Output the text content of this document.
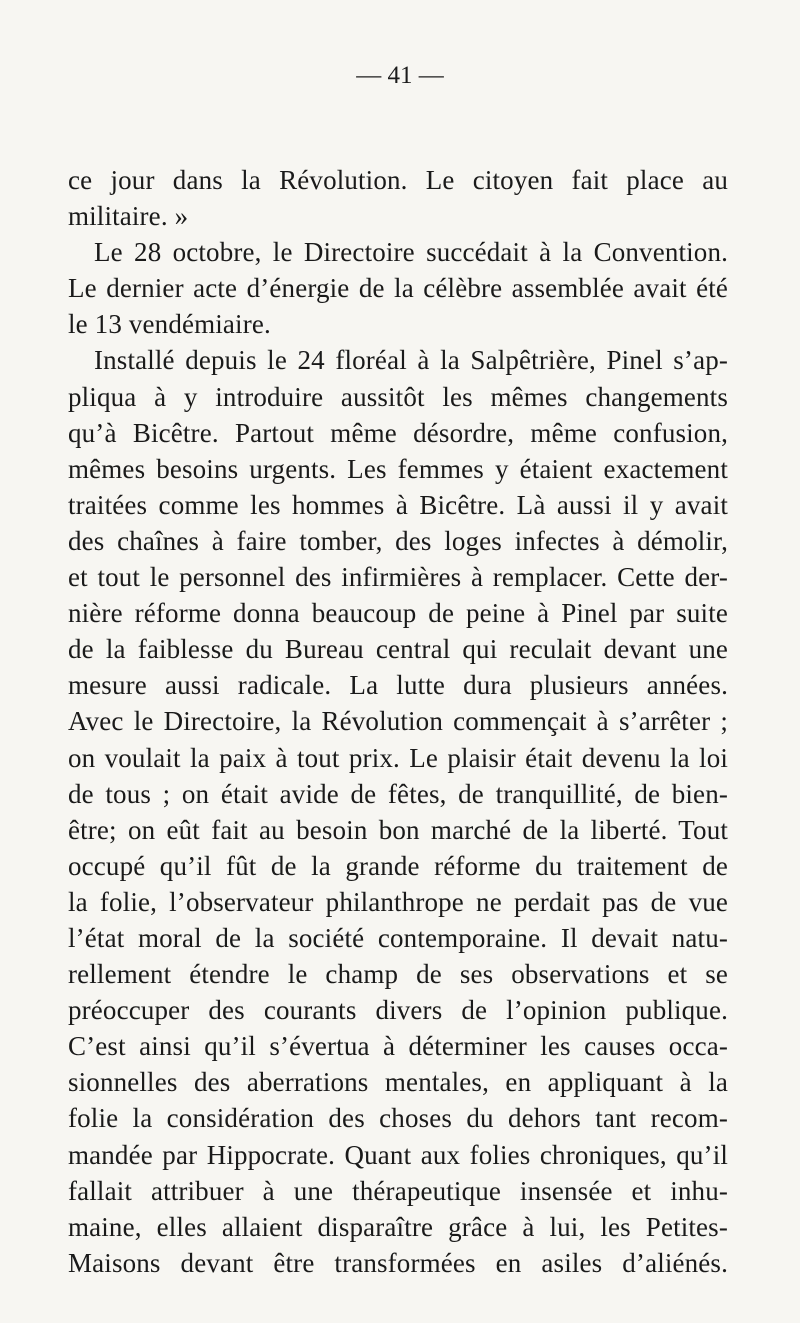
— 41 —
ce jour dans la Révolution. Le citoyen fait place au
militaire. »
Le 28 octobre, le Directoire succédait à la Convention.
Le dernier acte d’énergie de la célèbre assemblée avait été
le 13 vendémiaire.
Installé depuis le 24 floréal à la Salpêtrière, Pinel s’ap-
pliqua à y introduire aussitôt les mêmes changements
qu’à Bicêtre. Partout même désordre, même confusion,
mêmes besoins urgents. Les femmes y étaient exactement
traitées comme les hommes à Bicêtre. Là aussi il y avait
des chaînes à faire tomber, des loges infectes à démolir,
et tout le personnel des infirmières à remplacer. Cette der-
nière réforme donna beaucoup de peine à Pinel par suite
de la faiblesse du Bureau central qui reculait devant une
mesure aussi radicale. La lutte dura plusieurs années.
Avec le Directoire, la Révolution commençait à s’arrêter ;
on voulait la paix à tout prix. Le plaisir était devenu la loi
de tous ; on était avide de fêtes, de tranquillité, de bien-
être; on eût fait au besoin bon marché de la liberté. Tout
occupé qu’il fût de la grande réforme du traitement de
la folie, l’observateur philanthrope ne perdait pas de vue
l’état moral de la société contemporaine. Il devait natu-
rellement étendre le champ de ses observations et se
préoccuper des courants divers de l’opinion publique.
C’est ainsi qu’il s’évertua à déterminer les causes occa-
sionnelles des aberrations mentales, en appliquant à la
folie la considération des choses du dehors tant recom-
mandée par Hippocrate. Quant aux folies chroniques, qu’il
fallait attribuer à une thérapeutique insensée et inhu-
maine, elles allaient disparaître grâce à lui, les Petites-
Maisons devant être transformées en asiles d’aliénés.
